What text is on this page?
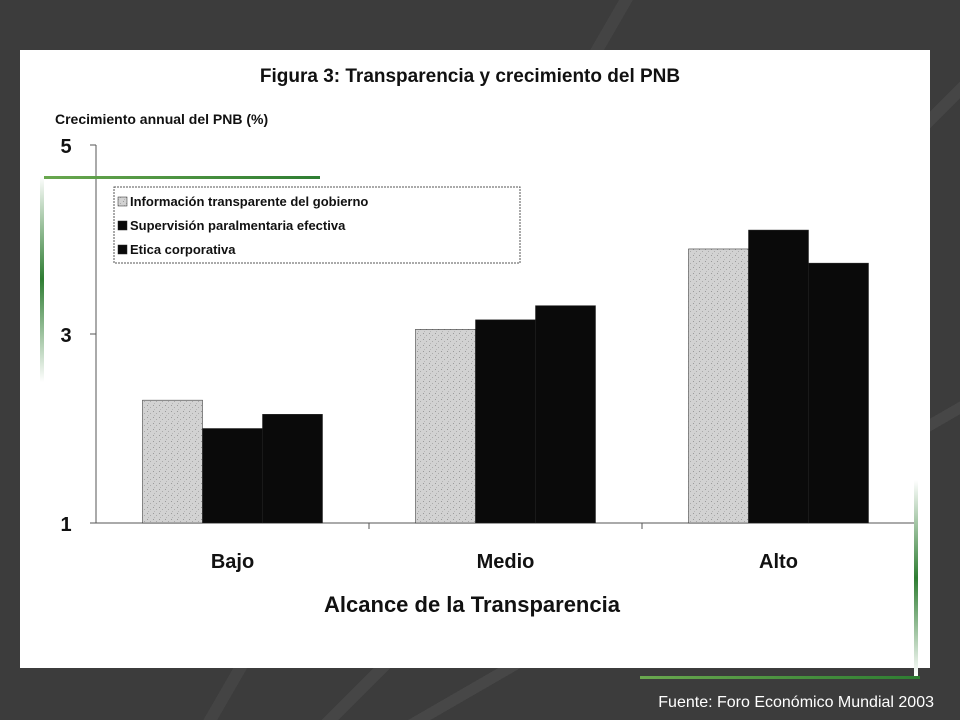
Figura 3: Transparencia y crecimiento del PNB
Crecimiento annual del PNB (%)
1
3
5
Bajo	Medio	Alto
Información transparente del gobierno
Supervisión paralmentaria efectiva
Etica corporativa
Alcance de la Transparencia
Fuente: Foro Económico Mundial 2003
